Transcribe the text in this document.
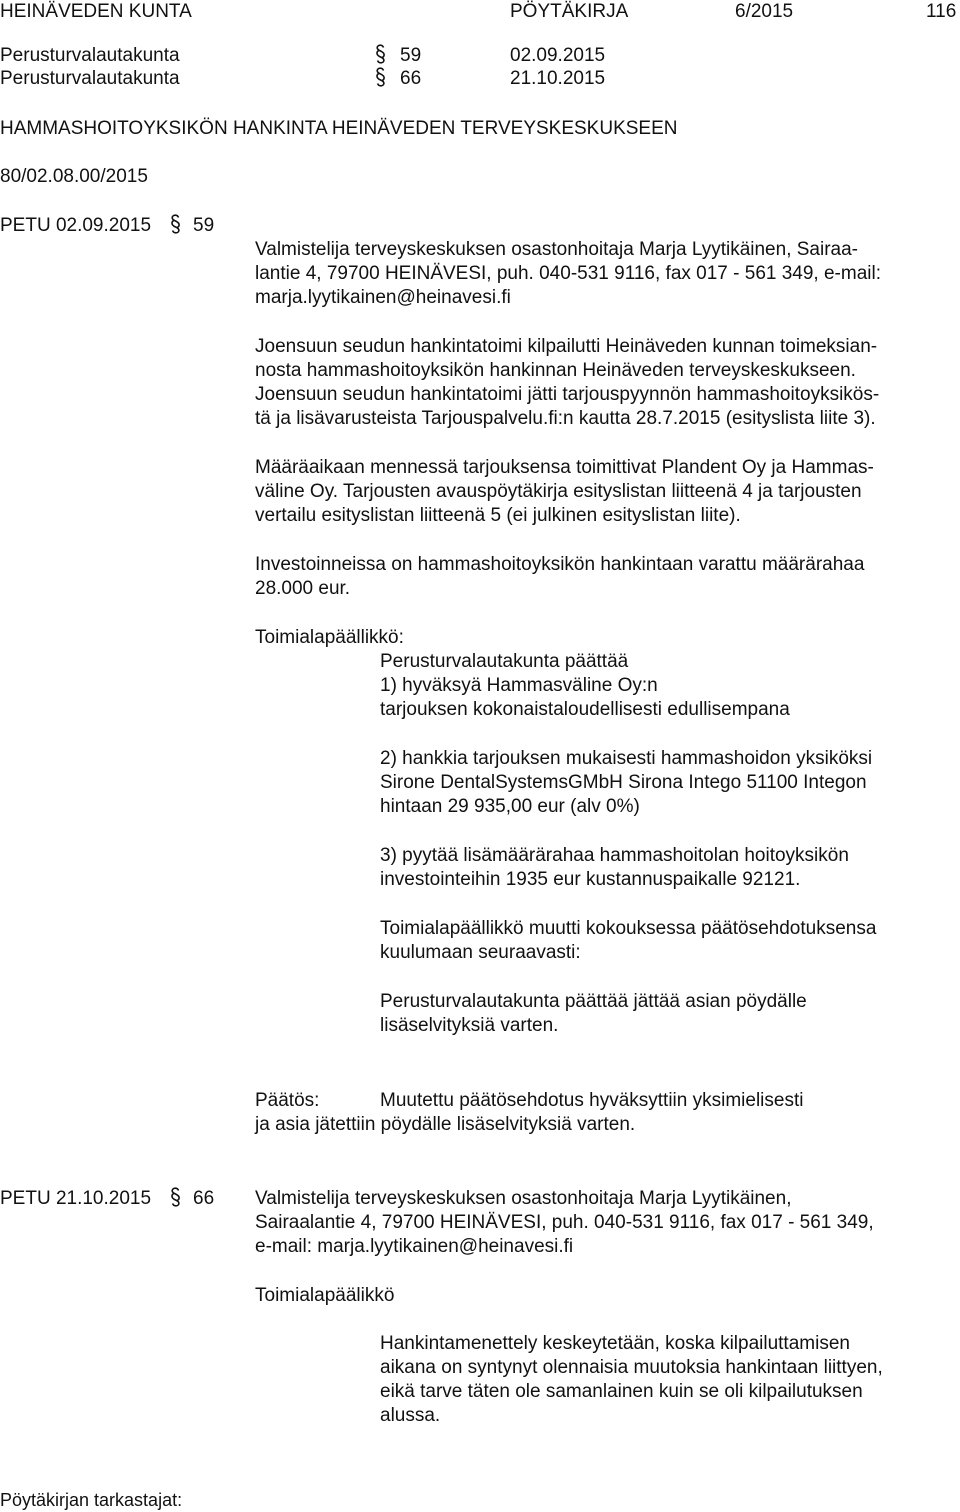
HEINÄVEDEN KUNTA	PÖYTÄKIRJA	6/2015	116
Perusturvalautakunta	59	02.09.2015
Perusturvalautakunta	66	21.10.2015
HAMMASHOITOYKSIKÖN HANKINTA HEINÄVEDEN TERVEYSKESKUKSEEN
80/02.08.00/2015
PETU 02.09.2015 59
Valmistelija terveyskeskuksen osastonhoitaja Marja Lyytikäinen, Sairaa-
lantie 4, 79700 HEINÄVESI, puh. 040-531 9116, fax 017 - 561 349, e-mail:
marja.lyytikainen@heinavesi.fi
Joensuun seudun hankintatoimi kilpailutti Heinäveden kunnan toimeksian-
nosta hammashoitoyksikön hankinnan Heinäveden terveyskeskukseen.
Joensuun seudun hankintatoimi jätti tarjouspyynnön hammashoitoyksikös-
tä ja lisävarusteista Tarjouspalvelu.fi:n kautta 28.7.2015 (esityslista liite 3).
Määräaikaan mennessä tarjouksensa toimittivat Plandent Oy ja Hammas-
väline Oy. Tarjousten avauspöytäkirja esityslistan liitteenä 4 ja tarjousten
vertailu esityslistan liitteenä 5 (ei julkinen esityslistan liite).
Investoinneissa on hammashoitoyksikön hankintaan varattu määrärahaa
28.000 eur.
Toimialapäällikkö:
Perusturvalautakunta päättää
1) hyväksyä Hammasväline Oy:n
tarjouksen kokonaistaloudellisesti edullisempana
2) hankkia tarjouksen mukaisesti hammashoidon yksiköksi
Sirone DentalSystemsGMbH Sirona Intego 51100 Integon
hintaan 29 935,00 eur (alv 0%)
3) pyytää lisämäärärahaa hammashoitolan hoitoyksikön
investointeihin 1935 eur kustannuspaikalle 92121.
Toimialapäällikkö muutti kokouksessa päätösehdotuksensa
kuulumaan seuraavasti:
Perusturvalautakunta päättää jättää asian pöydälle
lisäselvityksiä varten.
Päätös:	Muutettu päätösehdotus hyväksyttiin yksimielisesti
ja asia jätettiin pöydälle lisäselvityksiä varten.
PETU 21.10.2015 66 Valmistelija terveyskeskuksen osastonhoitaja Marja Lyytikäinen,
Sairaalantie 4, 79700 HEINÄVESI, puh. 040-531 9116, fax 017 - 561 349,
e-mail: marja.lyytikainen@heinavesi.fi
Toimialapäälikkö
Hankintamenettely keskeytetään, koska kilpailuttamisen
aikana on syntynyt olennaisia muutoksia hankintaan liittyen,
eikä tarve täten ole samanlainen kuin se oli kilpailutuksen
alussa.
Pöytäkirjan tarkastajat:
